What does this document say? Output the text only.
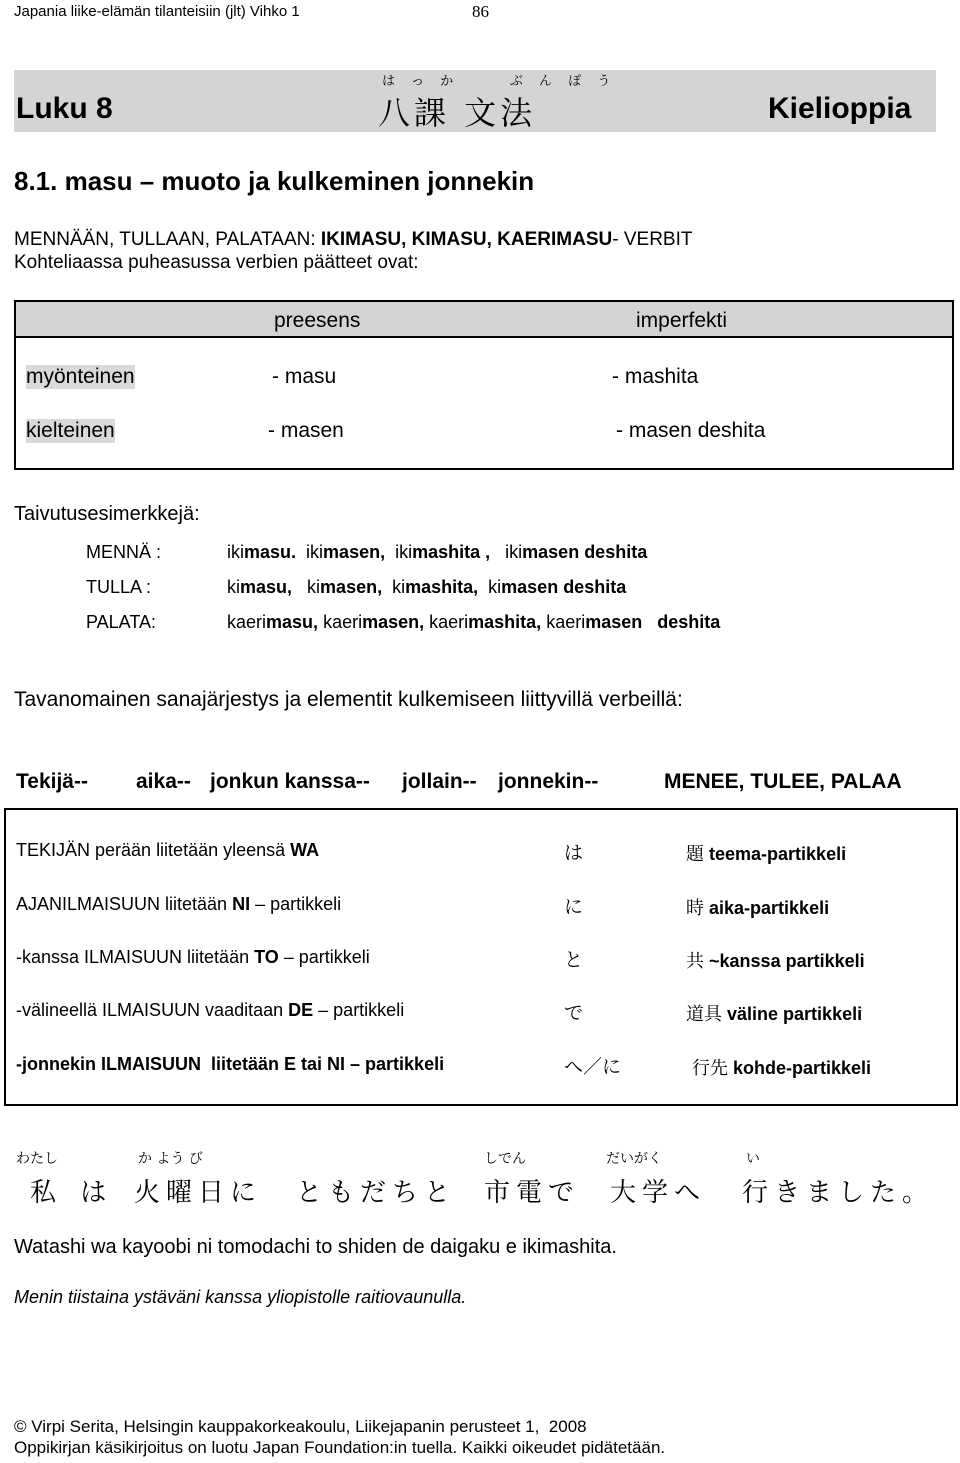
Japania liike-elämän tilanteisiin (jlt) Vihko 1	86
Luku 8
は っ か     ぶ ん ぽ う
八課 文法	Kielioppia
8.1. masu – muoto ja kulkeminen jonnekin
MENNÄÄN, TULLAAN, PALATAAN: IKIMASU, KIMASU, KAERIMASU- VERBIT
Kohteliaassa puheasussa verbien päätteet ovat:
preesens	imperfekti
myönteinen	- masu	- mashita
kielteinen	- masen	- masen deshita
Taivutusesimerkkejä:
MENNÄ :	ikimasu. ikimasen, ikimashita , ikimasen deshita
TULLA :	kimasu, kimasen, kimashita, kimasen deshita
PALATA:	kaerimasu, kaerimasen, kaerimashita, kaerimasen   deshita
Tavanomainen sanajärjestys ja elementit kulkemiseen liittyvillä verbeillä:
Tekijä-- aika-- jonkun kanssa-- jollain-- jonnekin--	MENEE, TULEE, PALAA
TEKIJÄN perään liitetään yleensä WA	は	題 teema-partikkeli
AJANILMAISUUN liitetään NI – partikkeli	に	時 aika-partikkeli
-kanssa ILMAISUUN liitetään TO – partikkeli	と	共 ~kanssa partikkeli
-välineellä ILMAISUUN vaaditaan DE – partikkeli	で	道具 väline partikkeli
-jonnekin ILMAISUUN  liitetään E tai NI – partikkeli	へ／に	行先 kohde-partikkeli
わたし	か よう び	しでん	だいがく	い
私 は 火曜日に ともだちと 市電で 大学へ 行きました。
Watashi wa kayoobi ni tomodachi to shiden de daigaku e ikimashita.
Menin tiistaina ystäväni kanssa yliopistolle raitiovaunulla.
© Virpi Serita, Helsingin kauppakorkeakoulu, Liikejapanin perusteet 1,  2008
Oppikirjan käsikirjoitus on luotu Japan Foundation:in tuella. Kaikki oikeudet pidätetään.
